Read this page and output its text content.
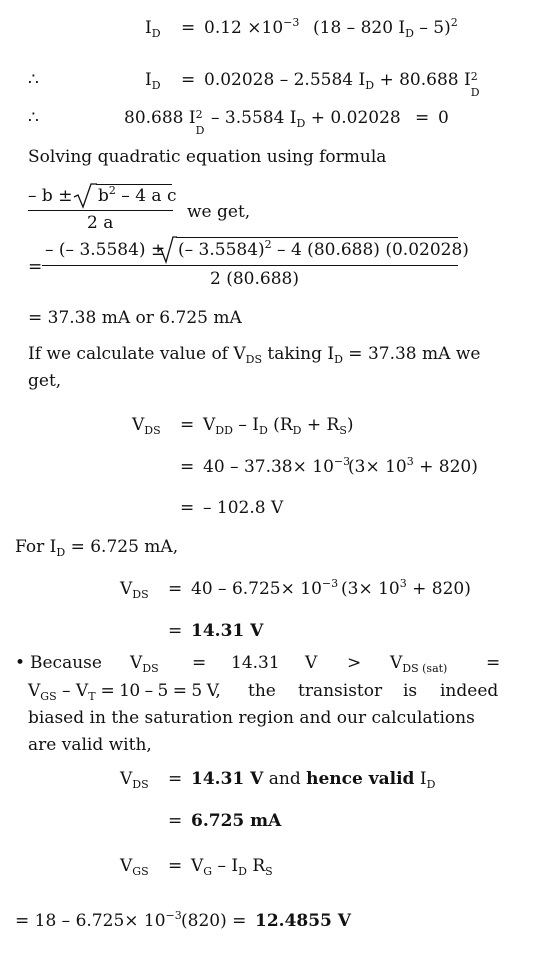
$I_D = 0.12 \times 10^{-3}$ (18 – 820 $I_D - 5)^2$
∴	$I_D = 0.02028 - 2.5584$ $I_D + 80.688$ I 2
D
∴	80.688 I 2
D
– 3.5584 $I_D + 0.02028 = 0$
Solving quadratic equation using formula
– $b \pm b^2 - 4$ a c
2 a
we get,
=
– (– 3.5584) ± (– 3.5584)$^2$ – 4 (80.688) (0.02028)
2 (80.688)
= 37.38 mA or 6.725 mA
If we calculate value of $V_{DS}$ taking $I_D = 37.38$ mA we
get,
$V_{DS} = V_{DD} - I_D$ $(R_D + R_S)$
= $40 - 37.38\times 10^{-3}$
$(3\times 10^3 + 820)$
= – 102.8 V
For $I_D = 6.725$ mA,
$V_{DS} = 40 - 6.725\times 10^{-3}$ $(3\times 10^3 + 820)$
= 14.31 V
• Because $V_{DS} = 14.31$ $V > V_{DS (sat)}$ =
$V_{GS} - V_T = 10 - 5 = 5$ V, the transistor is indeed
biased in the saturation region and our calculations
are valid with,
$V_{DS} = 14.31$ V and hence valid $I_D$
= 6.725 mA
$V_{GS} = V_G - I_D$ $R_S$
= $18 - 6.725\times 10^{-3}$ (820) = 12.4855 V
